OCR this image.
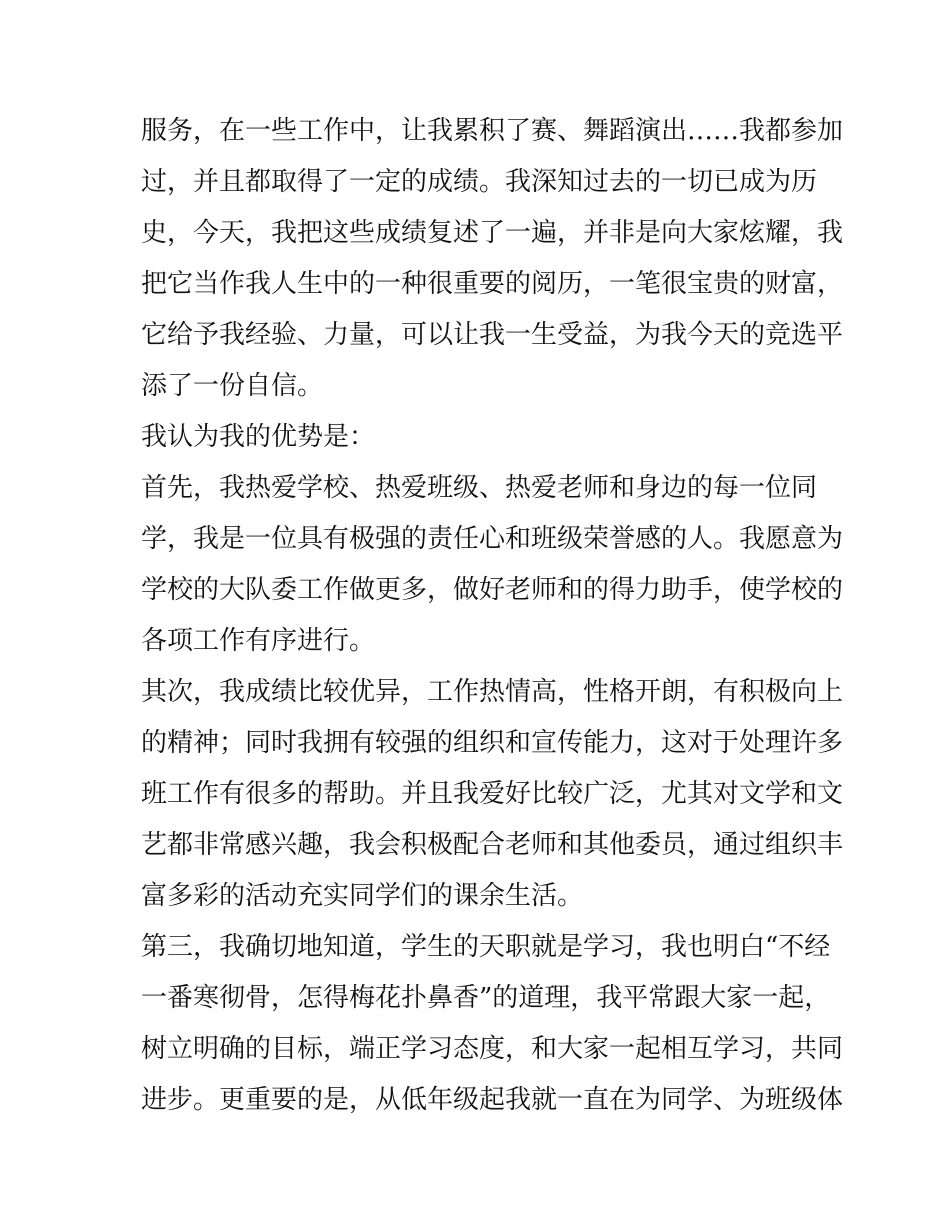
服务，在一些工作中，让我累积了赛、舞蹈演出……我都参加
过，并且都取得了一定的成绩。我深知过去的一切已成为历
史，今天，我把这些成绩复述了一遍，并非是向大家炫耀，我
把它当作我人生中的一种很重要的阅历，一笔很宝贵的财富，
它给予我经验、力量，可以让我一生受益，为我今天的竞选平
添了一份自信。
我认为我的优势是：
首先，我热爱学校、热爱班级、热爱老师和身边的每一位同
学，我是一位具有极强的责任心和班级荣誉感的人。我愿意为
学校的大队委工作做更多，做好老师和的得力助手，使学校的
各项工作有序进行。
其次，我成绩比较优异，工作热情高，性格开朗，有积极向上
的精神；同时我拥有较强的组织和宣传能力，这对于处理许多
班工作有很多的帮助。并且我爱好比较广泛，尤其对文学和文
艺都非常感兴趣，我会积极配合老师和其他委员，通过组织丰
富多彩的活动充实同学们的课余生活。
第三，我确切地知道，学生的天职就是学习，我也明白“不经
一番寒彻骨，怎得梅花扑鼻香”的道理，我平常跟大家一起，
树立明确的目标，端正学习态度，和大家一起相互学习，共同
进步。更重要的是，从低年级起我就一直在为同学、为班级体
